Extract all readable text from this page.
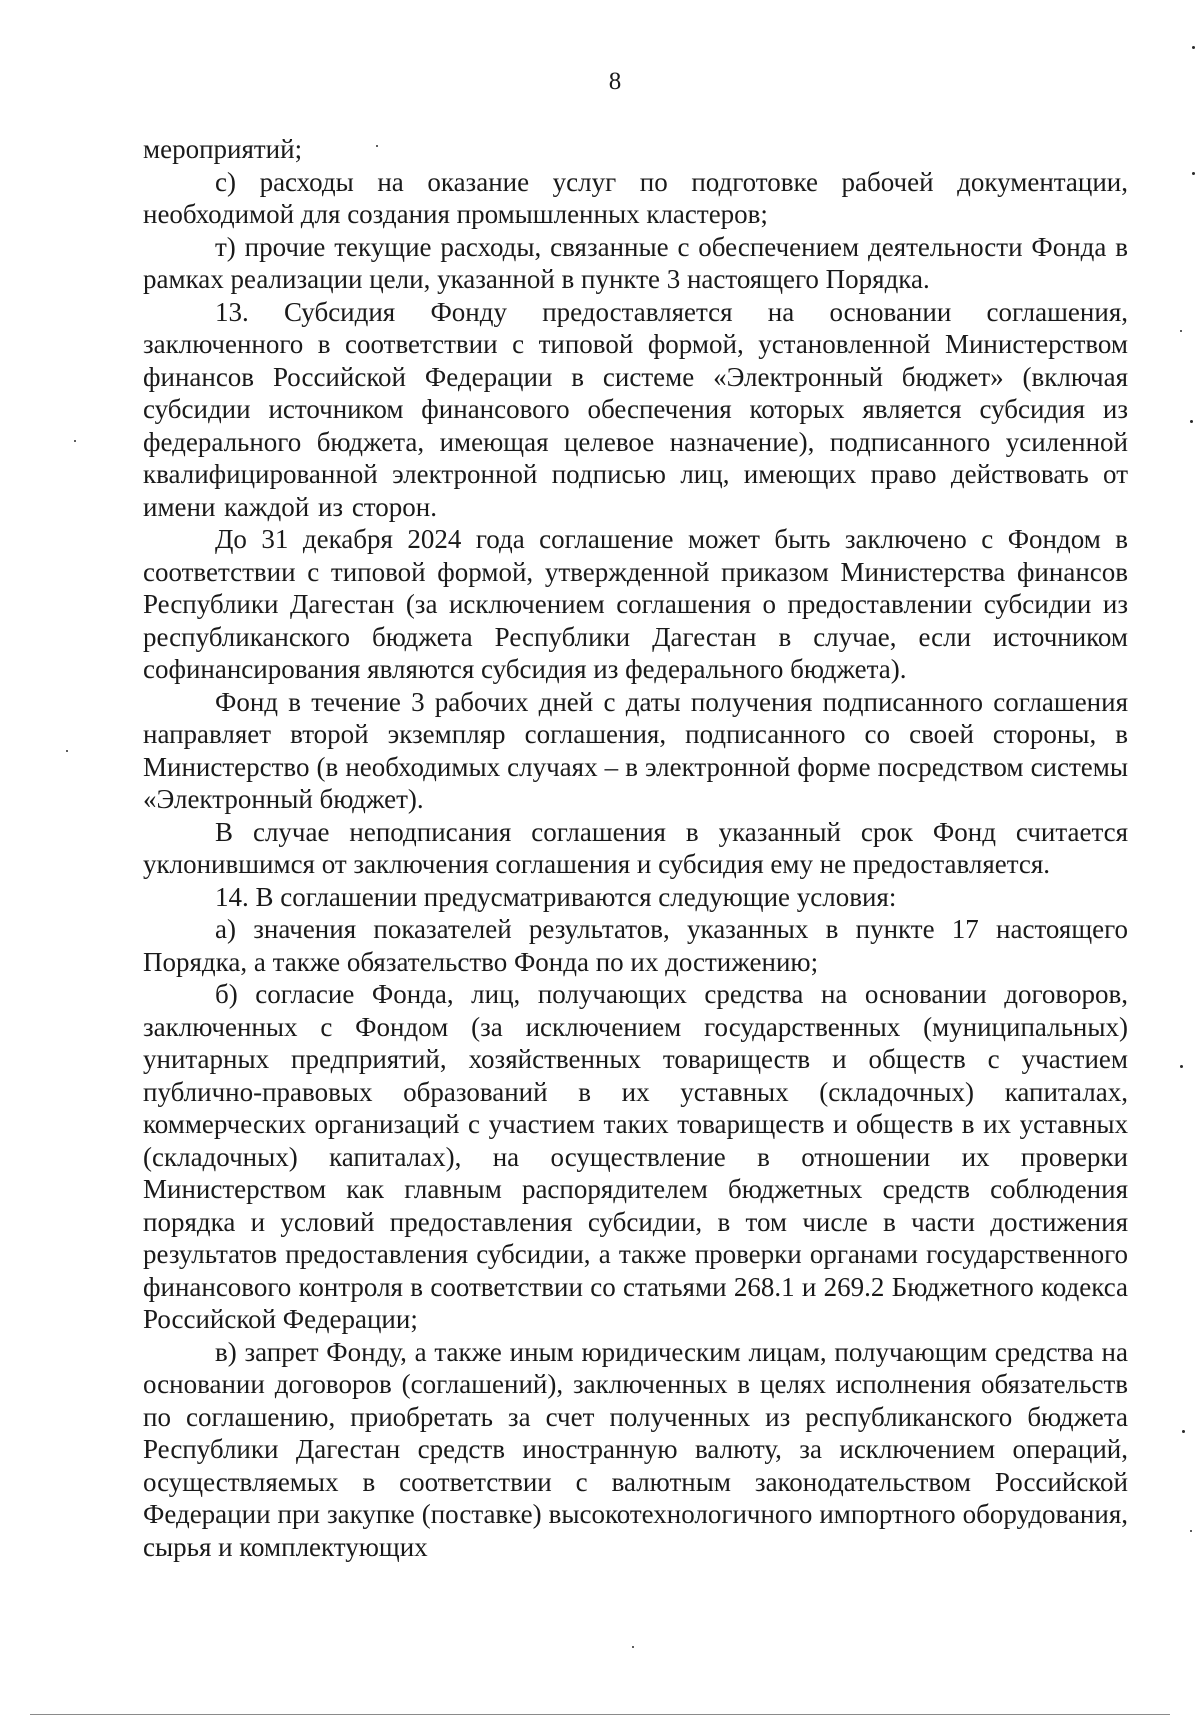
8

мероприятий;

с) расходы на оказание услуг по подготовке рабочей документации, необходимой для создания промышленных кластеров;

т) прочие текущие расходы, связанные с обеспечением деятельности Фонда в рамках реализации цели, указанной в пункте 3 настоящего Порядка.

13. Субсидия Фонду предоставляется на основании соглашения, заключенного в соответствии с типовой формой, установленной Министерством финансов Российской Федерации в системе «Электронный бюджет» (включая субсидии источником финансового обеспечения которых является субсидия из федерального бюджета, имеющая целевое назначение), подписанного усиленной квалифицированной электронной подписью лиц, имеющих право действовать от имени каждой из сторон.

До 31 декабря 2024 года соглашение может быть заключено с Фондом в соответствии с типовой формой, утвержденной приказом Министерства финансов Республики Дагестан (за исключением соглашения о предоставлении субсидии из республиканского бюджета Республики Дагестан в случае, если источником софинансирования являются субсидия из федерального бюджета).

Фонд в течение 3 рабочих дней с даты получения подписанного соглашения направляет второй экземпляр соглашения, подписанного со своей стороны, в Министерство (в необходимых случаях – в электронной форме посредством системы «Электронный бюджет).

В случае неподписания соглашения в указанный срок Фонд считается уклонившимся от заключения соглашения и субсидия ему не предоставляется.

14. В соглашении предусматриваются следующие условия:

а) значения показателей результатов, указанных в пункте 17 настоящего Порядка, а также обязательство Фонда по их достижению;

б) согласие Фонда, лиц, получающих средства на основании договоров, заключенных с Фондом (за исключением государственных (муниципальных) унитарных предприятий, хозяйственных товариществ и обществ с участием публично-правовых образований в их уставных (складочных) капиталах, коммерческих организаций с участием таких товариществ и обществ в их уставных (складочных) капиталах), на осуществление в отношении их проверки Министерством как главным распорядителем бюджетных средств соблюдения порядка и условий предоставления субсидии, в том числе в части достижения результатов предоставления субсидии, а также проверки органами государственного финансового контроля в соответствии со статьями 268.1 и 269.2 Бюджетного кодекса Российской Федерации;

в) запрет Фонду, а также иным юридическим лицам, получающим средства на основании договоров (соглашений), заключенных в целях исполнения обязательств по соглашению, приобретать за счет полученных из республиканского бюджета Республики Дагестан средств иностранную валюту, за исключением операций, осуществляемых в соответствии с валютным законодательством Российской Федерации при закупке (поставке) высокотехнологичного импортного оборудования, сырья и комплектующих
